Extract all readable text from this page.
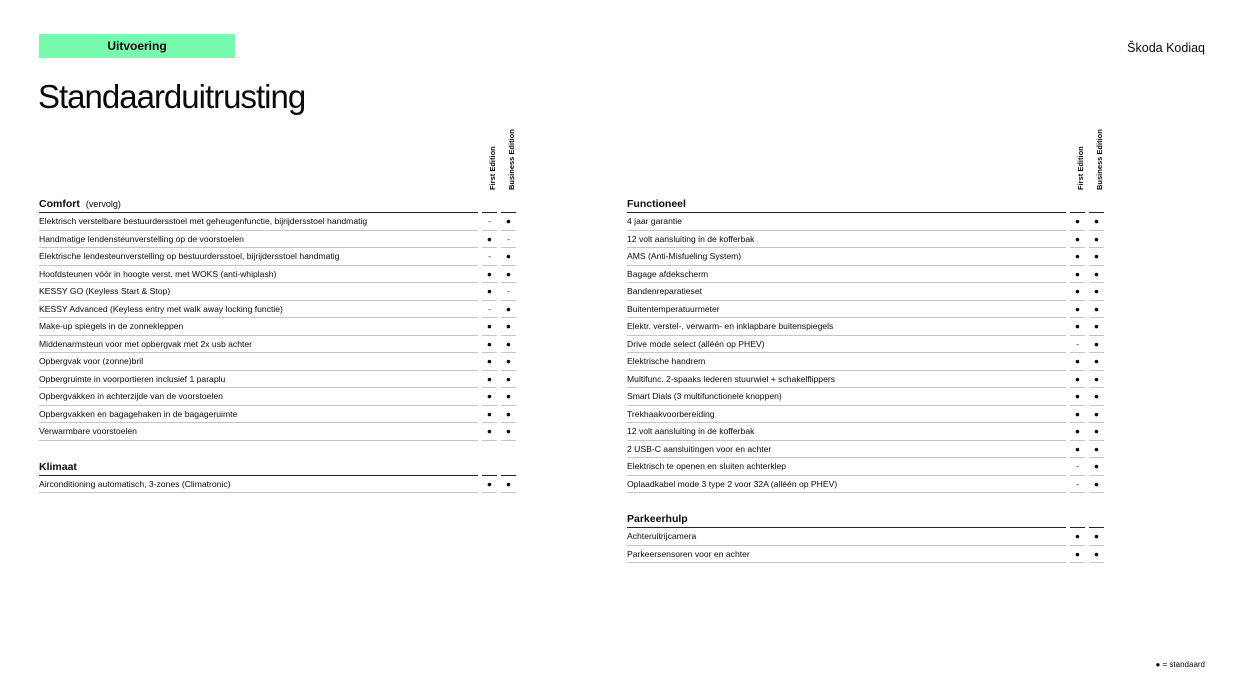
Uitvoering	Škoda Kodiaq
Standaarduitrusting
First Edition Business Edition
Comfort (vervolg)
Elektrisch verstelbare bestuurdersstoel met geheugenfunctie, bijrijdersstoel handmatig	-	●
Handmatige lendensteunverstelling op de voorstoelen	●	-
Elektrische lendesteunverstelling op bestuurdersstoel, bijrijdersstoel handmatig	-	●
Hoofdsteunen vóór in hoogte verst. met WOKS (anti-whiplash)	●	●
KESSY GO (Keyless Start & Stop)	●	-
KESSY Advanced (Keyless entry met walk away locking functie)	-	●
Make-up spiegels in de zonnekleppen	●	●
Middenarmsteun voor met opbergvak met 2x usb achter	●	●
Opbergvak voor (zonne)bril	●	●
Opbergruimte in voorportieren inclusief 1 paraplu	●	●
Opbergvakken in achterzijde van de voorstoelen	●	●
Opbergvakken en bagagehaken in de bagageruimte	●	●
Verwarmbare voorstoelen	●	●
Klimaat
Airconditioning automatisch, 3-zones (Climatronic)	●	●
First Edition Business Edition
Functioneel
4 jaar garantie	●	●
12 volt aansluiting in de kofferbak	●	●
AMS (Anti-Misfueling System)	●	●
Bagage afdekscherm	●	●
Bandenreparatieset	●	●
Buitentemperatuurmeter	●	●
Elektr. verstel-, verwarm- en inklapbare buitenspiegels	●	●
Drive mode select (alléén op PHEV)	-	●
Elektrische handrem	●	●
Multifunc. 2-spaaks lederen stuurwiel + schakelflippers	●	●
Smart Dials (3 multifunctionele knoppen)	●	●
Trekhaakvoorbereiding	●	●
12 volt aansluiting in de kofferbak	●	●
2 USB-C aansluitingen voor en achter	●	●
Elektrisch te openen en sluiten achterklep	-	●
Oplaadkabel mode 3 type 2 voor 32A (alléén op PHEV)	-	●
Parkeerhulp
Achteruitrijcamera	●	●
Parkeersensoren voor en achter	●	●
● = standaard
